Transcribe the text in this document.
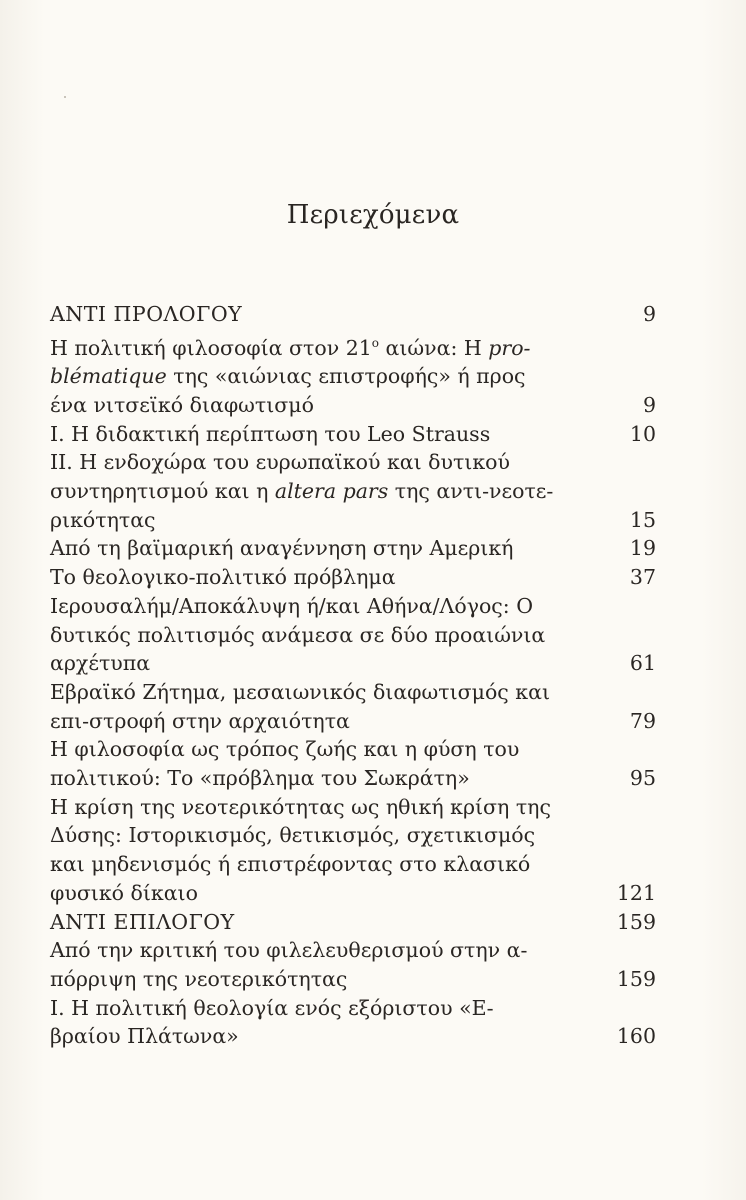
Περιεχόμενα
ΑΝΤΙ ΠΡΟΛΟΓΟΥ	9
Η πολιτική φιλοσοφία στον $21^o$ αιώνα: Η pro-
blématique της «αιώνιας επιστροφής» ή προς
ένα νιτσεϊκό διαφωτισμό	9
Ι. Η διδακτική περίπτωση του Leo Strauss	10
ΙΙ. Η ενδοχώρα του ευρωπαϊκού και δυτικού
συντηρητισμού και η altera pars της αντι-νεοτε-
ρικότητας	15
Από τη βαϊμαρική αναγέννηση στην Αμερική	19
Το θεολογικο-πολιτικό πρόβλημα	37
Ιερουσαλήμ/Αποκάλυψη ή/και Αθήνα/Λόγος: Ο
δυτικός πολιτισμός ανάμεσα σε δύο προαιώνια
αρχέτυπα	61
Εβραϊκό Ζήτημα, μεσαιωνικός διαφωτισμός και
επι-στροφή στην αρχαιότητα	79
Η φιλοσοφία ως τρόπος ζωής και η φύση του
πολιτικού: Το «πρόβλημα του Σωκράτη»	95
Η κρίση της νεοτερικότητας ως ηθική κρίση της
Δύσης: Ιστορικισμός, θετικισμός, σχετικισμός
και μηδενισμός ή επιστρέφοντας στο κλασικό
φυσικό δίκαιο	121
ΑΝΤΙ ΕΠΙΛΟΓΟΥ	159
Από την κριτική του φιλελευθερισμού στην α-
πόρριψη της νεοτερικότητας	159
Ι. Η πολιτική θεολογία ενός εξόριστου «Ε-
βραίου Πλάτωνα»	160
